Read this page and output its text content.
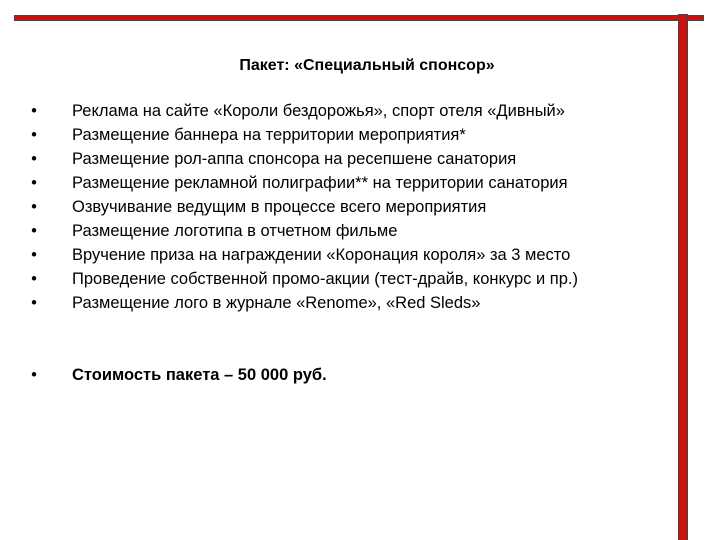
Пакет: «Специальный спонсор»
• Реклама на сайте «Короли бездорожья», спорт отеля «Дивный»
• Размещение баннера на территории мероприятия*
• Размещение рол-аппа спонсора на ресепшене санатория
• Размещение рекламной полиграфии** на территории санатория
• Озвучивание ведущим в процессе всего мероприятия
• Размещение логотипа в отчетном фильме
• Вручение приза на награждении «Коронация короля» за 3 место
• Проведение собственной промо-акции (тест-драйв, конкурс и пр.)
• Размещение лого в журнале «Renome», «Red Sleds»
• Стоимость пакета – 50 000 руб.
